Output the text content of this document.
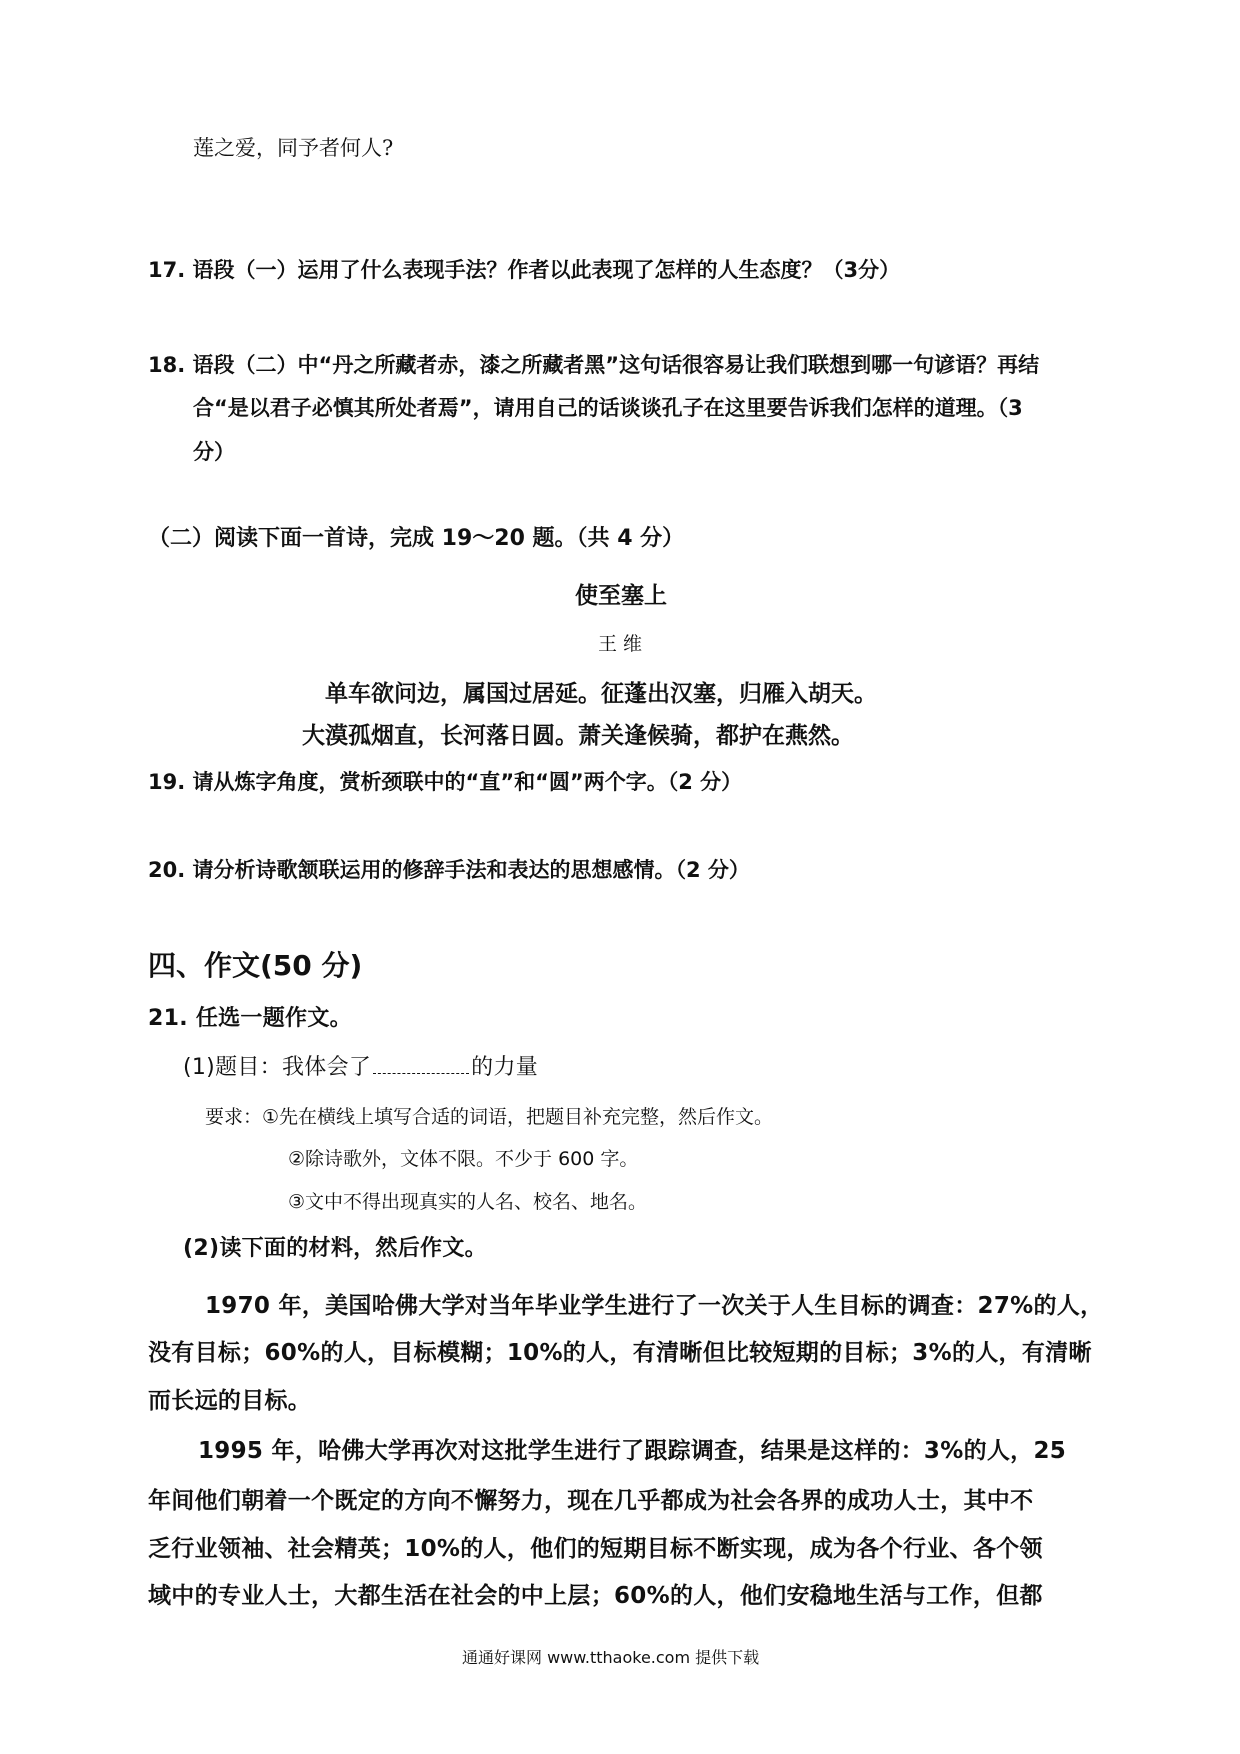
莲之爱，同予者何人?
17. 语段（一）运用了什么表现手法？作者以此表现了怎样的人生态度？（3分）
18. 语段（二）中“丹之所藏者赤，漆之所藏者黑”这句话很容易让我们联想到哪一句谚语？再结
合“是以君子必慎其所处者焉”，请用自己的话谈谈孔子在这里要告诉我们怎样的道理。（3
分）
（二）阅读下面一首诗，完成 19～20 题。（共 4 分）
使至塞上
王 维
单车欲问边，属国过居延。征蓬出汉塞，归雁入胡天。
大漠孤烟直，长河落日圆。萧关逢候骑，都护在燕然。
19. 请从炼字角度，赏析颈联中的“直”和“圆”两个字。（2 分）
20. 请分析诗歌颔联运用的修辞手法和表达的思想感情。（2 分）
四、作文(50 分)
21. 任选一题作文。
(1)题目：我体会了	的力量
要求：①先在横线上填写合适的词语，把题目补充完整，然后作文。
②除诗歌外，文体不限。不少于 600 字。
③文中不得出现真实的人名、校名、地名。
(2)读下面的材料，然后作文。
1970 年，美国哈佛大学对当年毕业学生进行了一次关于人生目标的调查：27%的人，
没有目标；60%的人，目标模糊；10%的人，有清晰但比较短期的目标；3%的人，有清晰
而长远的目标。
1995 年，哈佛大学再次对这批学生进行了跟踪调查，结果是这样的：3%的人，25
年间他们朝着一个既定的方向不懈努力，现在几乎都成为社会各界的成功人士，其中不
乏行业领袖、社会精英；10%的人，他们的短期目标不断实现，成为各个行业、各个领
域中的专业人士，大都生活在社会的中上层；60%的人，他们安稳地生活与工作，但都
通通好课网 www.tthaoke.com 提供下载
